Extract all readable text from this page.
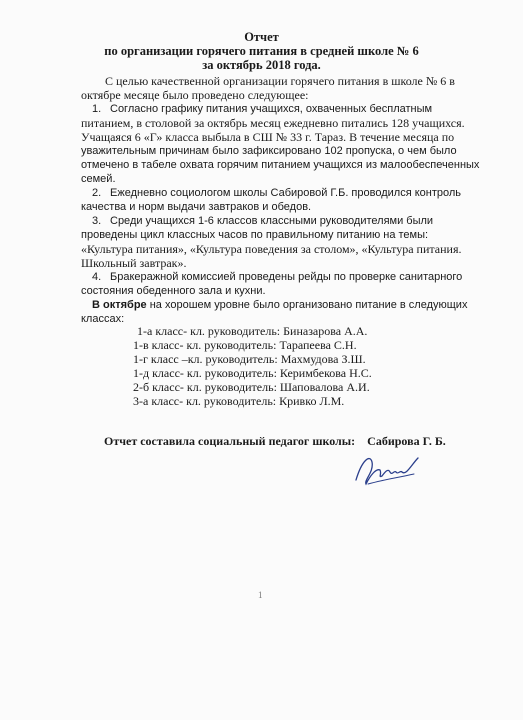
Отчет
по организации горячего питания в средней школе № 6
за октябрь 2018 года.
С целью качественной организации горячего питания в школе № 6 в
октябре месяце было проведено следующее:
1. Согласно графику питания учащихся, охваченных бесплатным
питанием, в столовой за октябрь месяц ежедневно питались 128 учащихся.
Учащаяся 6 «Г» класса выбыла в СШ № 33 г. Тараз. В течение месяца по
уважительным причинам было зафиксировано 102 пропуска, о чем было
отмечено в табеле охвата горячим питанием учащихся из малообеспеченных
семей.
2. Ежедневно социологом школы Сабировой Г.Б. проводился контроль
качества и норм выдачи завтраков и обедов.
3. Среди учащихся 1-6 классов классными руководителями были
проведены цикл классных часов по правильному питанию на темы:
«Культура питания», «Культура поведения за столом», «Культура питания.
Школьный завтрак».
4. Бракеражной комиссией проведены рейды по проверке санитарного
состояния обеденного зала и кухни.
В октябре на хорошем уровне было организовано питание в следующих
классах:
1-а класс- кл. руководитель: Биназарова А.А.
1-в класс- кл. руководитель: Тарапеева С.Н.
1-г класс –кл. руководитель: Махмудова З.Ш.
1-д класс- кл. руководитель: Керимбекова Н.С.
2-б класс- кл. руководитель: Шаповалова А.И.
3-а класс- кл. руководитель: Кривко Л.М.
Отчет составила социальный педагог школы: Сабирова Г. Б.
1
